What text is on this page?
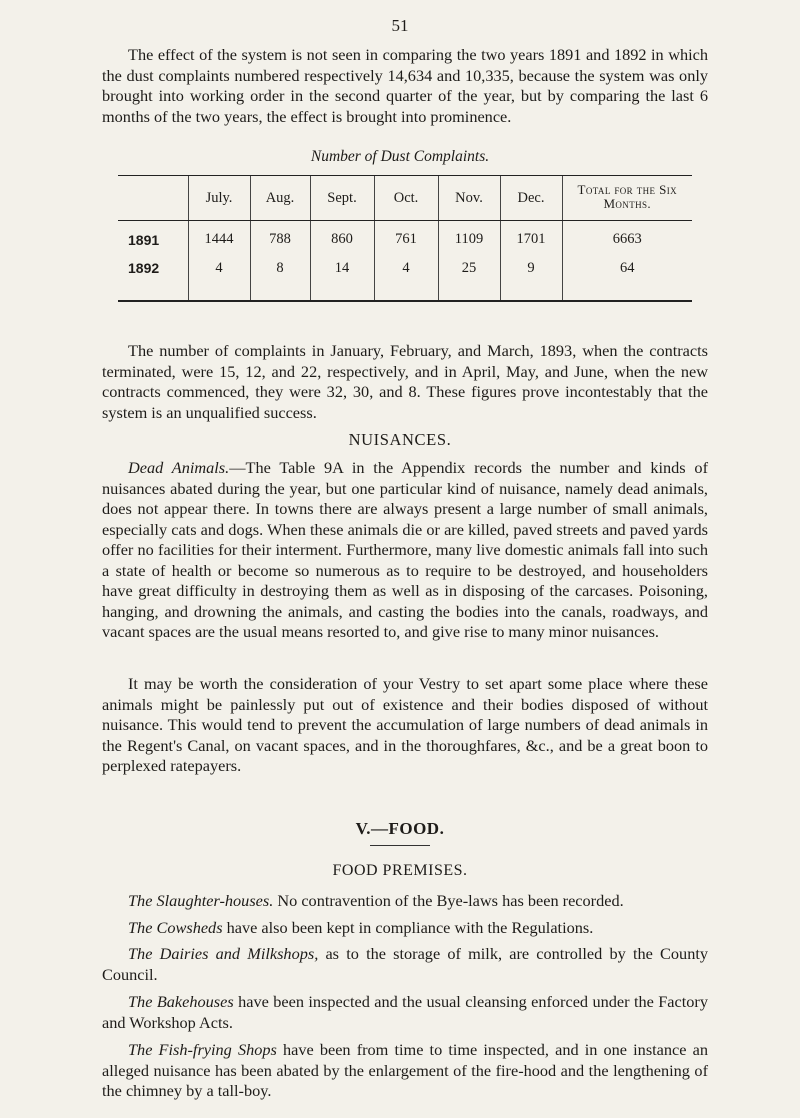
51

The effect of the system is not seen in comparing the two years 1891 and 1892 in which the dust complaints numbered respectively 14,634 and 10,335, because the system was only brought into working order in the second quarter of the year, but by comparing the last 6 months of the two years, the effect is brought into prominence.

Number of Dust Complaints.
	July.	Aug.	Sept.	Oct.	Nov.	Dec.	Total for the Six Months.
1891	1444	788	860	761	1109	1701	6663
1892	4	8	14	4	25	9	64

The number of complaints in January, February, and March, 1893, when the contracts terminated, were 15, 12, and 22, respectively, and in April, May, and June, when the new contracts commenced, they were 32, 30, and 8. These figures prove incontestably that the system is an unqualified success.

NUISANCES.

Dead Animals.—The Table 9A in the Appendix records the number and kinds of nuisances abated during the year, but one particular kind of nuisance, namely dead animals, does not appear there. In towns there are always present a large number of small animals, especially cats and dogs. When these animals die or are killed, paved streets and paved yards offer no facilities for their interment. Furthermore, many live domestic animals fall into such a state of health or become so numerous as to require to be destroyed, and householders have great difficulty in destroying them as well as in disposing of the carcases. Poisoning, hanging, and drowning the animals, and casting the bodies into the canals, roadways, and vacant spaces are the usual means resorted to, and give rise to many minor nuisances.

It may be worth the consideration of your Vestry to set apart some place where these animals might be painlessly put out of existence and their bodies disposed of without nuisance. This would tend to prevent the accumulation of large numbers of dead animals in the Regent's Canal, on vacant spaces, and in the thoroughfares, &c., and be a great boon to perplexed ratepayers.

V.—FOOD.
FOOD PREMISES.

The Slaughter-houses. No contravention of the Bye-laws has been recorded.

The Cowsheds have also been kept in compliance with the Regulations.

The Dairies and Milkshops, as to the storage of milk, are controlled by the County Council.

The Bakehouses have been inspected and the usual cleansing enforced under the Factory and Workshop Acts.

The Fish-frying Shops have been from time to time inspected, and in one instance an alleged nuisance has been abated by the enlargement of the fire-hood and the lengthening of the chimney by a tall-boy.
